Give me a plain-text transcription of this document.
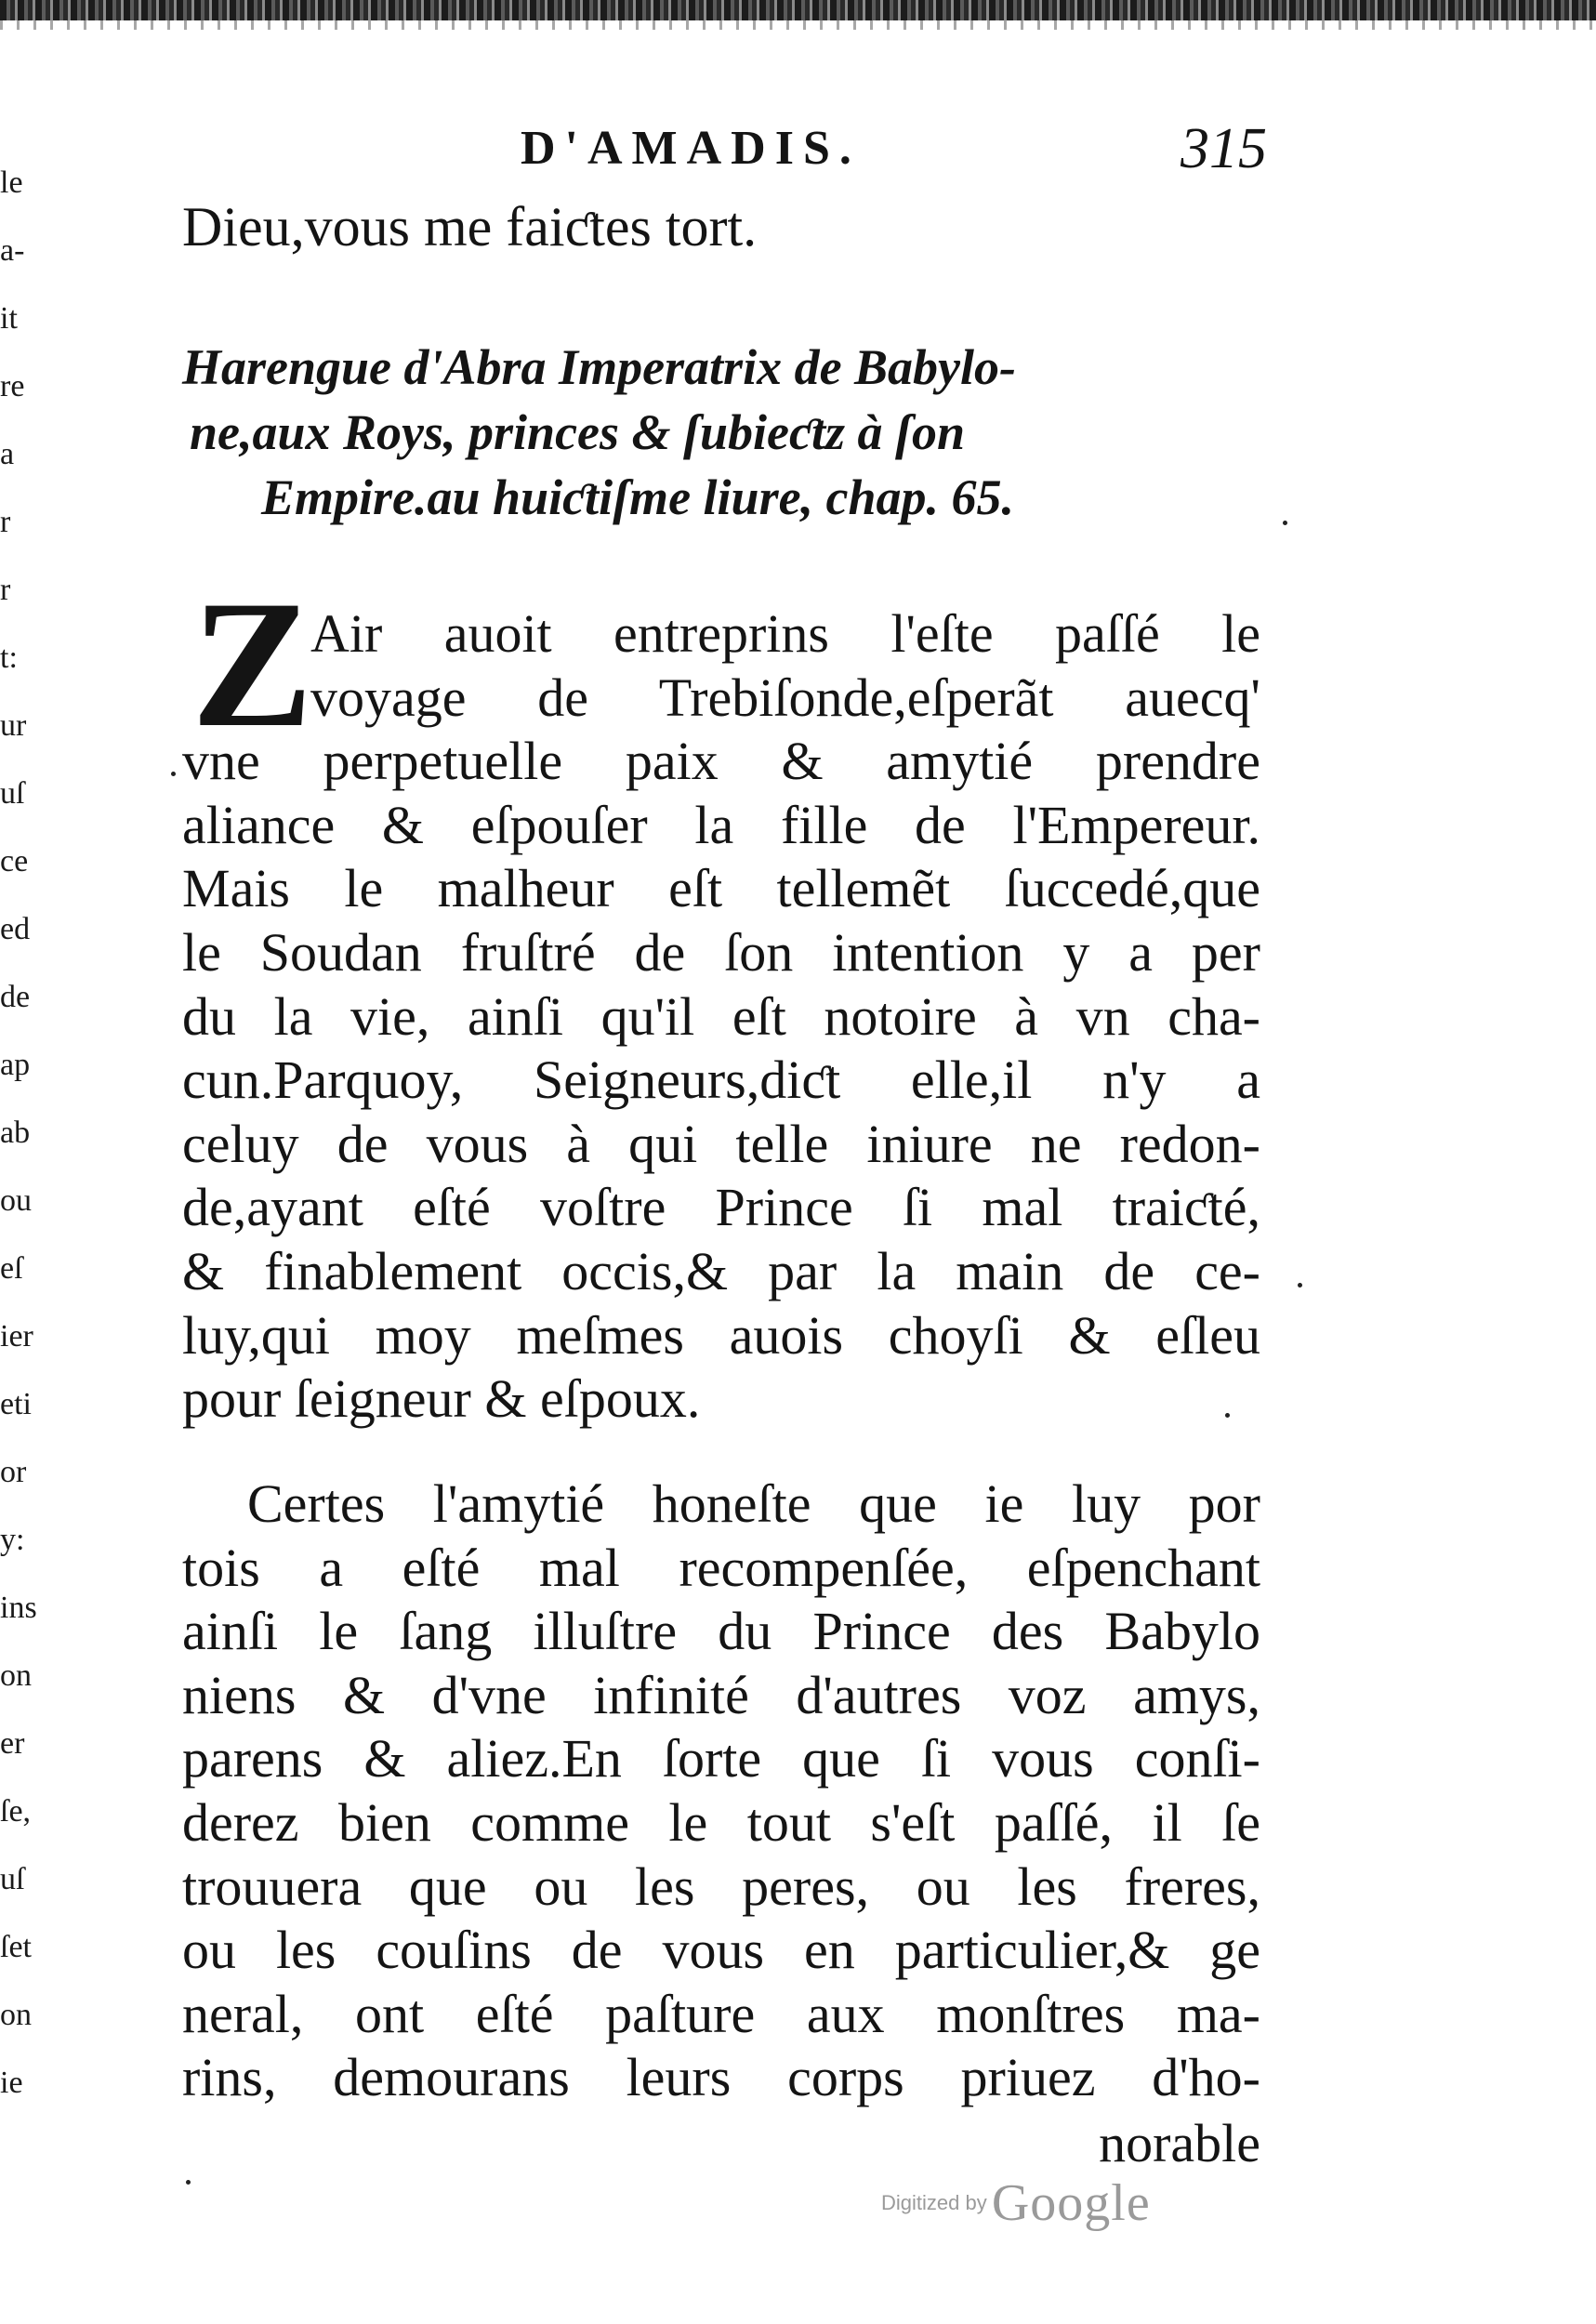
le
a-
it
re
a
r
r
t:
ur
uſ
ce
ed
de
ap
ab
ou
eſ
ier
eti
or
y:
ins
on
er
ſe,
uſ
ſet
on
ie
D'AMADIS.	315
Dieu,vous me faiƈtes tort.
Harengue d'Abra Imperatrix de Babylo-
ne,aux Roys, princes & ſubieƈtz à ſon
Empire.au huiƈtiſme liure, chap. 65.
Z
Air auoit entreprins l'eſte paſſé le
voyage de Trebiſonde,eſperãt auecq'
vne perpetuelle paix & amytié prendre
aliance & eſpouſer la fille de l'Empereur.
Mais le malheur eſt tellemẽt ſuccedé,que
le Soudan fruſtré de ſon intention y a per
du la vie, ainſi qu'il eſt notoire à vn cha-
cun.Parquoy, Seigneurs,diƈt elle,il n'y a
celuy de vous à qui telle iniure ne redon-
de,ayant eſté voſtre Prince ſi mal traiƈté,
& finablement occis,& par la main de ce-
luy,qui moy meſmes auois choyſi & eſleu
pour ſeigneur & eſpoux.
Certes l'amytié honeſte que ie luy por
tois a eſté mal recompenſée, eſpenchant
ainſi le ſang illuſtre du Prince des Babylo
niens & d'vne infinité d'autres voz amys,
parens & aliez.En ſorte que ſi vous conſi-
derez bien comme le tout s'eſt paſſé, il ſe
trouuera que ou les peres, ou les freres,
ou les couſins de vous en particulier,& ge
neral, ont eſté paſture aux monſtres ma-
rins, demourans leurs corps priuez d'ho-
norable
Digitized by Google
